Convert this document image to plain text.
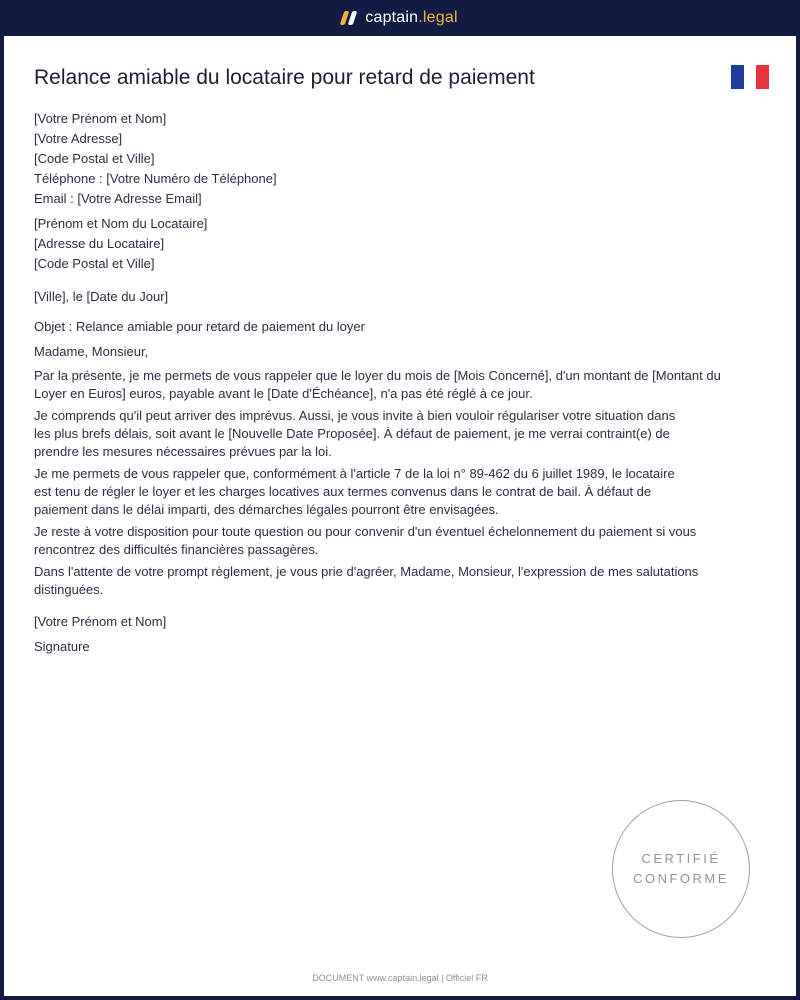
captain.legal
Relance amiable du locataire pour retard de paiement
[Votre Prénom et Nom]
[Votre Adresse]
[Code Postal et Ville]
Téléphone : [Votre Numéro de Téléphone]
Email : [Votre Adresse Email]
[Prénom et Nom du Locataire]
[Adresse du Locataire]
[Code Postal et Ville]
[Ville], le [Date du Jour]
Objet : Relance amiable pour retard de paiement du loyer
Madame, Monsieur,
Par la présente, je me permets de vous rappeler que le loyer du mois de [Mois Concerné], d'un montant de [Montant du
Loyer en Euros] euros, payable avant le [Date d'Échéance], n'a pas été réglé à ce jour.
Je comprends qu'il peut arriver des imprévus. Aussi, je vous invite à bien vouloir régulariser votre situation dans
les plus brefs délais, soit avant le [Nouvelle Date Proposée]. À défaut de paiement, je me verrai contraint(e) de
prendre les mesures nécessaires prévues par la loi.
Je me permets de vous rappeler que, conformément à l'article 7 de la loi n° 89-462 du 6 juillet 1989, le locataire
est tenu de régler le loyer et les charges locatives aux termes convenus dans le contrat de bail. À défaut de
paiement dans le délai imparti, des démarches légales pourront être envisagées.
Je reste à votre disposition pour toute question ou pour convenir d'un éventuel échelonnement du paiement si vous
rencontrez des difficultés financières passagères.
Dans l'attente de votre prompt règlement, je vous prie d'agréer, Madame, Monsieur, l'expression de mes salutations
distinguées.
[Votre Prénom et Nom]
Signature
CERTIFIÉ
CONFORME
DOCUMENT www.captain.legal | Officiel FR
